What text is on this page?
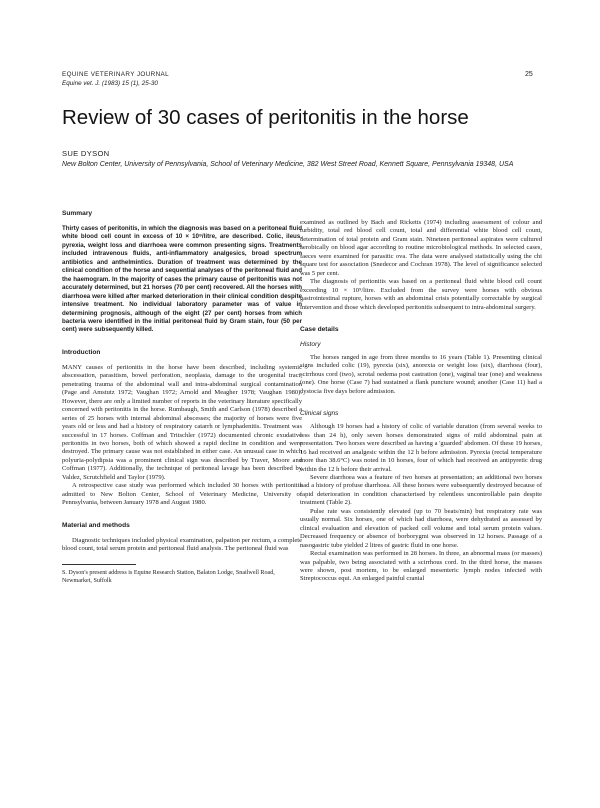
EQUINE VETERINARY JOURNAL
Equine vet. J. (1983) 15 (1), 25-30
25
Review of 30 cases of peritonitis in the horse
SUE DYSON
New Bolton Center, University of Pennsylvania, School of Veterinary Medicine, 382 West Street Road, Kennett Square, Pennsylvania 19348, USA
Summary

Thirty cases of peritonitis, in which the diagnosis was based on a peritoneal fluid white blood cell count in excess of 10 × 10⁹/litre, are described. Colic, ileus, pyrexia, weight loss and diarrhoea were common presenting signs. Treatments included intravenous fluids, anti-inflammatory analgesics, broad spectrum antibiotics and anthelmintics. Duration of treatment was determined by the clinical condition of the horse and sequential analyses of the peritoneal fluid and the haemogram. In the majority of cases the primary cause of peritonitis was not accurately determined, but 21 horses (70 per cent) recovered. All the horses with diarrhoea were killed after marked deterioration in their clinical condition despite intensive treatment. No individual laboratory parameter was of value in determining prognosis, although of the eight (27 per cent) horses from which bacteria were identified in the initial peritoneal fluid by Gram stain, four (50 per cent) were subsequently killed.

Introduction

MANY causes of peritonitis in the horse have been described, including systemic abscessation, parasitism, bowel perforation, neoplasia, damage to the urogenital tract, penetrating trauma of the abdominal wall and intra-abdominal surgical contamination (Page and Amstutz 1972; Vaughan 1972; Arnold and Meagher 1978; Vaughan 1980). However, there are only a limited number of reports in the veterinary literature specifically concerned with peritonitis in the horse. Rumbaugh, Smith and Carlson (1978) described a series of 25 horses with internal abdominal abscesses; the majority of horses were five years old or less and had a history of respiratory catarrh or lymphadenitis. Treatment was successful in 17 horses. Coffman and Tritschler (1972) documented chronic exudative peritonitis in two horses, both of which showed a rapid decline in condition and were destroyed. The primary cause was not established in either case. An unusual case in which polyuria-polydipsia was a prominent clinical sign was described by Traver, Moore and Coffman (1977). Additionally, the technique of peritoneal lavage has been described by Valdez, Scrutchfield and Taylor (1979).

A retrospective case study was performed which included 30 horses with peritonitis admitted to New Bolton Center, School of Veterinary Medicine, University of Pennsylvania, between January 1978 and August 1980.

Material and methods

Diagnostic techniques included physical examination, palpation per rectum, a complete blood count, total serum protein and peritoneal fluid analysis. The peritoneal fluid was

S. Dyson's present address is Equine Research Station, Balaton Lodge, Snailwell Road, Newmarket, Suffolk

examined as outlined by Bach and Ricketts (1974) including assessment of colour and turbidity, total red blood cell count, total and differential white blood cell count, determination of total protein and Gram stain. Nineteen peritoneal aspirates were cultured aerobically on blood agar according to routine microbiological methods. In selected cases, faeces were examined for parasitic ova. The data were analysed statistically using the chi square test for association (Snedecor and Cochran 1978). The level of significance selected was 5 per cent.

The diagnosis of peritonitis was based on a peritoneal fluid white blood cell count exceeding 10 × 10⁹/litre. Excluded from the survey were horses with obvious gastrointestinal rupture, horses with an abdominal crisis potentially correctable by surgical intervention and those which developed peritonitis subsequent to intra-abdominal surgery.

Case details
History

The horses ranged in age from three months to 16 years (Table 1). Presenting clinical signs included colic (19), pyrexia (six), anorexia or weight loss (six), diarrhoea (four), scirrhous cord (two), scrotal oedema post castration (one), vaginal tear (one) and weakness (one). One horse (Case 7) had sustained a flank puncture wound; another (Case 11) had a dystocia five days before admission.

Clinical signs

Although 19 horses had a history of colic of variable duration (from several weeks to less than 24 h), only seven horses demonstrated signs of mild abdominal pain at presentation. Two horses were described as having a 'guarded' abdomen. Of these 19 horses, 16 had received an analgesic within the 12 h before admission. Pyrexia (rectal temperature more than 38.6°C) was noted in 10 horses, four of which had received an antipyretic drug within the 12 h before their arrival.

Severe diarrhoea was a feature of two horses at presentation; an additional two horses had a history of profuse diarrhoea. All these horses were subsequently destroyed because of rapid deterioration in condition characterised by relentless uncontrollable pain despite treatment (Table 2).

Pulse rate was consistently elevated (up to 70 beats/min) but respiratory rate was usually normal. Six horses, one of which had diarrhoea, were dehydrated as assessed by clinical evaluation and elevation of packed cell volume and total serum protein values. Decreased frequency or absence of borborygmi was observed in 12 horses. Passage of a nasogastric tube yielded 2 litres of gastric fluid in one horse.

Rectal examination was performed in 28 horses. In three, an abnormal mass (or masses) was palpable, two being associated with a scirrhous cord. In the third horse, the masses were shown, post mortem, to be enlarged mesenteric lymph nodes infected with Streptococcus equi. An enlarged painful cranial
